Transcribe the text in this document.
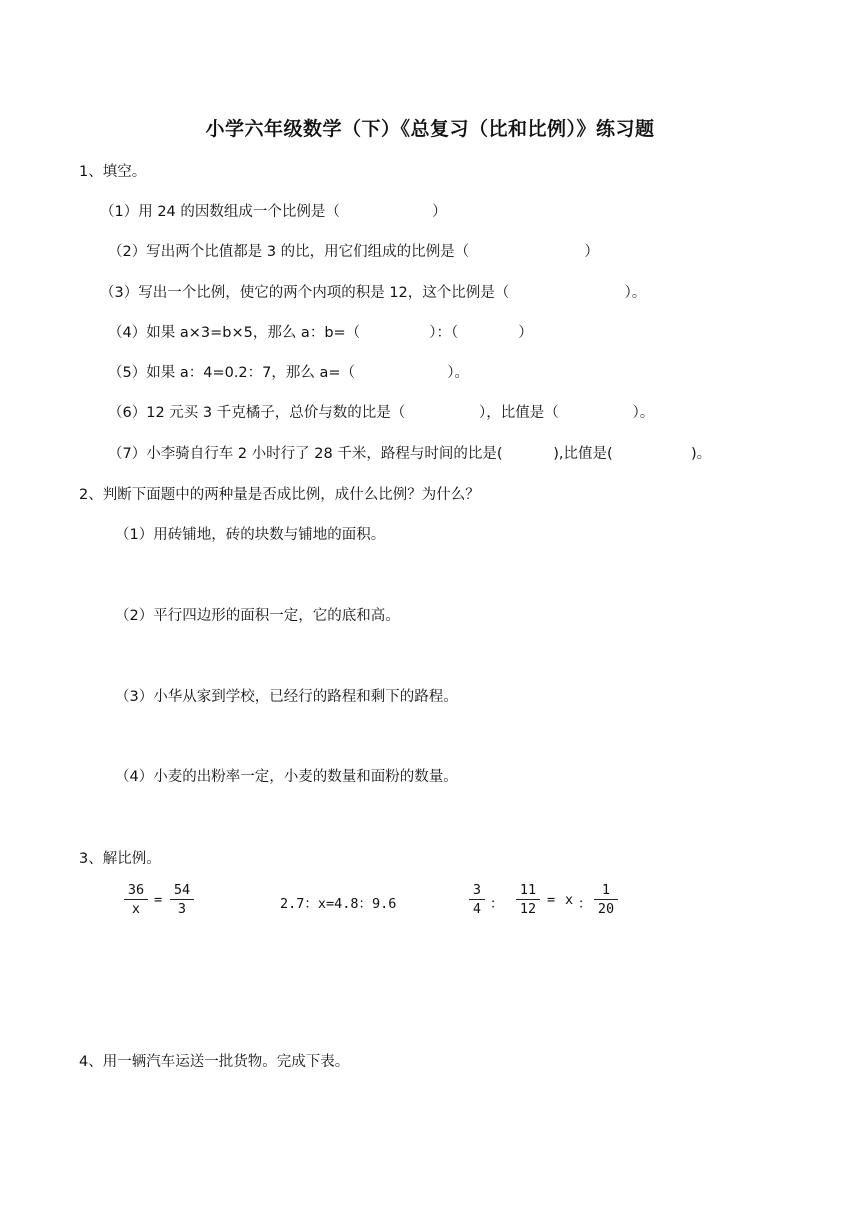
小学六年级数学（下）《总复习（比和比例）》练习题
1、填空。
（1）用 24 的因数组成一个比例是（                    ）
（2）写出两个比值都是 3 的比，用它们组成的比例是（                         ）
（3）写出一个比例，使它的两个内项的积是 12，这个比例是（                         ）。
（4）如果 a×3=b×5，那么 a：b=（               ）：（             ）
（5）如果 a：4=0.2：7，那么 a=（                    ）。
（6）12 元买 3 千克橘子，总价与数的比是（                ），比值是（                ）。
（7）小李骑自行车 2 小时行了 28 千米，路程与时间的比是(           ),比值是(                 )。
2、判断下面题中的两种量是否成比例，成什么比例？为什么？
（1）用砖铺地，砖的块数与铺地的面积。
（2）平行四边形的面积一定，它的底和高。
（3）小华从家到学校，已经行的路程和剩下的路程。
（4）小麦的出粉率一定，小麦的数量和面粉的数量。
3、解比例。
36
x
=
54
3	2.7：x=4.8：9.6
3
4 ：
11
12
= x ：
1
20
4、用一辆汽车运送一批货物。完成下表。
